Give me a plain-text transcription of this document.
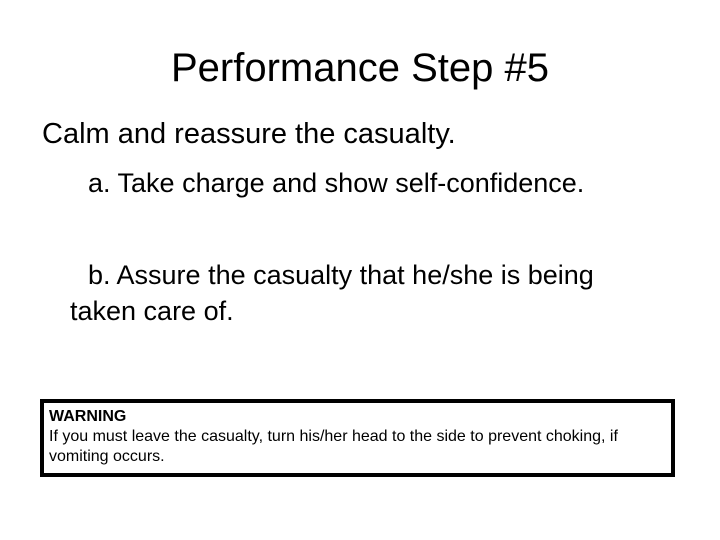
Performance Step #5
Calm and reassure the casualty.
a. Take charge and show self-confidence.
b. Assure the casualty that he/she is being taken care of.
WARNING
If you must leave the casualty, turn his/her head to the side to prevent choking, if vomiting occurs.
